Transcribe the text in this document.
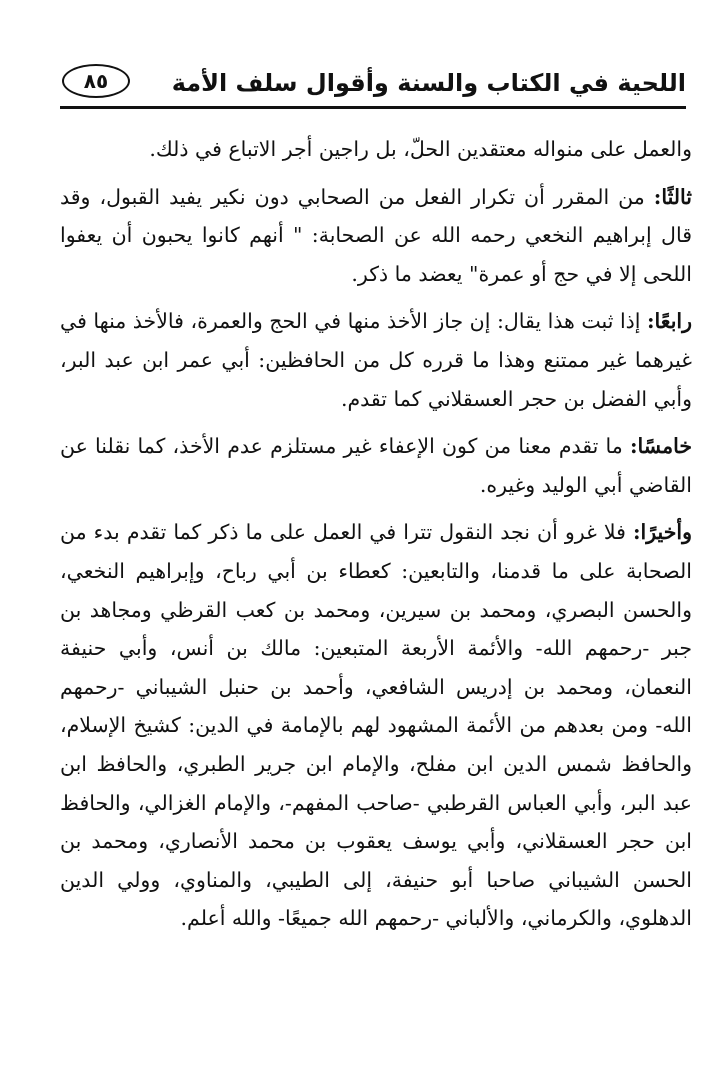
اللحية في الكتاب والسنة وأقوال سلف الأمة
٨٥

والعمل على منواله معتقدين الحلّ، بل راجين أجر الاتباع في ذلك.

ثالثًا: من المقرر أن تكرار الفعل من الصحابي دون نكير يفيد القبول، وقد قال إبراهيم النخعي رحمه الله عن الصحابة: " أنهم كانوا يحبون أن يعفوا اللحى إلا في حج أو عمرة" يعضد ما ذكر.

رابعًا: إذا ثبت هذا يقال: إن جاز الأخذ منها في الحج والعمرة، فالأخذ منها في غيرهما غير ممتنع وهذا ما قرره كل من الحافظين: أبي عمر ابن عبد البر، وأبي الفضل بن حجر العسقلاني كما تقدم.

خامسًا: ما تقدم معنا من كون الإعفاء غير مستلزم عدم الأخذ، كما نقلنا عن القاضي أبي الوليد وغيره.

وأخيرًا: فلا غرو أن نجد النقول تترا في العمل على ما ذكر كما تقدم بدء من الصحابة على ما قدمنا، والتابعين: كعطاء بن أبي رباح، وإبراهيم النخعي، والحسن البصري، ومحمد بن سيرين، ومحمد بن كعب القرظي ومجاهد بن جبر -رحمهم الله- والأئمة الأربعة المتبعين: مالك بن أنس، وأبي حنيفة النعمان، ومحمد بن إدريس الشافعي، وأحمد بن حنبل الشيباني -رحمهم الله- ومن بعدهم من الأئمة المشهود لهم بالإمامة في الدين: كشيخ الإسلام، والحافظ شمس الدين ابن مفلح، والإمام ابن جرير الطبري، والحافظ ابن عبد البر، وأبي العباس القرطبي -صاحب المفهم-، والإمام الغزالي، والحافظ ابن حجر العسقلاني، وأبي يوسف يعقوب بن محمد الأنصاري، ومحمد بن الحسن الشيباني صاحبا أبو حنيفة، إلى الطيبي، والمناوي، وولي الدين الدهلوي، والكرماني، والألباني -رحمهم الله جميعًا- والله أعلم.
